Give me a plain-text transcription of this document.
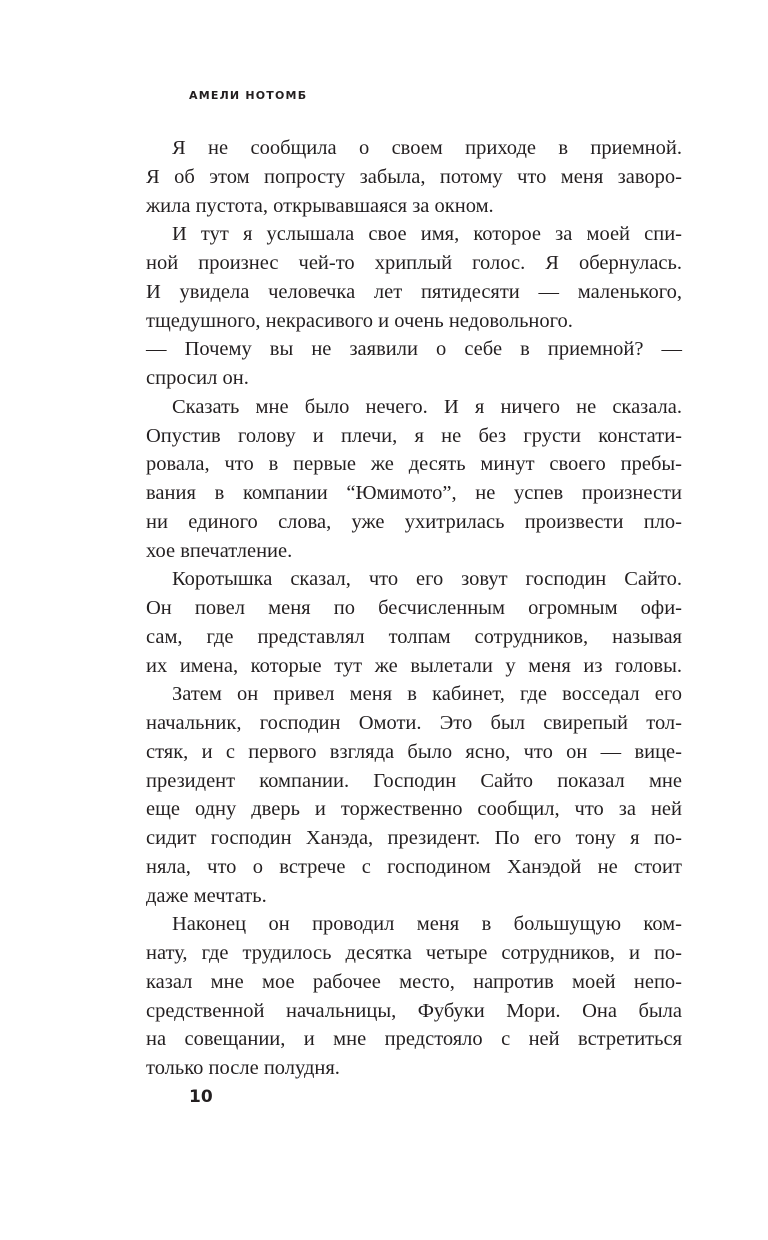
АМЕЛИ НОТОМБ
Я не сообщила о своем приходе в приемной.
Я об этом попросту забыла, потому что меня заворо-
жила пустота, открывавшаяся за окном.
И тут я услышала свое имя, которое за моей спи-
ной произнес чей-то хриплый голос. Я обернулась.
И увидела человечка лет пятидесяти — маленького,
тщедушного, некрасивого и очень недовольного.
— Почему вы не заявили о себе в приемной? —
спросил он.
Сказать мне было нечего. И я ничего не сказала.
Опустив голову и плечи, я не без грусти констати-
ровала, что в первые же десять минут своего пребы-
вания в компании “Юмимото”, не успев произнести
ни единого слова, уже ухитрилась произвести пло-
хое впечатление.
Коротышка сказал, что его зовут господин Сайто.
Он повел меня по бесчисленным огромным офи-
сам, где представлял толпам сотрудников, называя
их имена, которые тут же вылетали у меня из головы.
Затем он привел меня в кабинет, где восседал его
начальник, господин Омоти. Это был свирепый тол-
стяк, и с первого взгляда было ясно, что он — вице-
президент компании. Господин Сайто показал мне
еще одну дверь и торжественно сообщил, что за ней
сидит господин Ханэда, президент. По его тону я по-
няла, что о встрече с господином Ханэдой не стоит
даже мечтать.
Наконец он проводил меня в большущую ком-
нату, где трудилось десятка четыре сотрудников, и по-
казал мне мое рабочее место, напротив моей непо-
средственной начальницы, Фубуки Мори. Она была
на совещании, и мне предстояло с ней встретиться
только после полудня.
10
